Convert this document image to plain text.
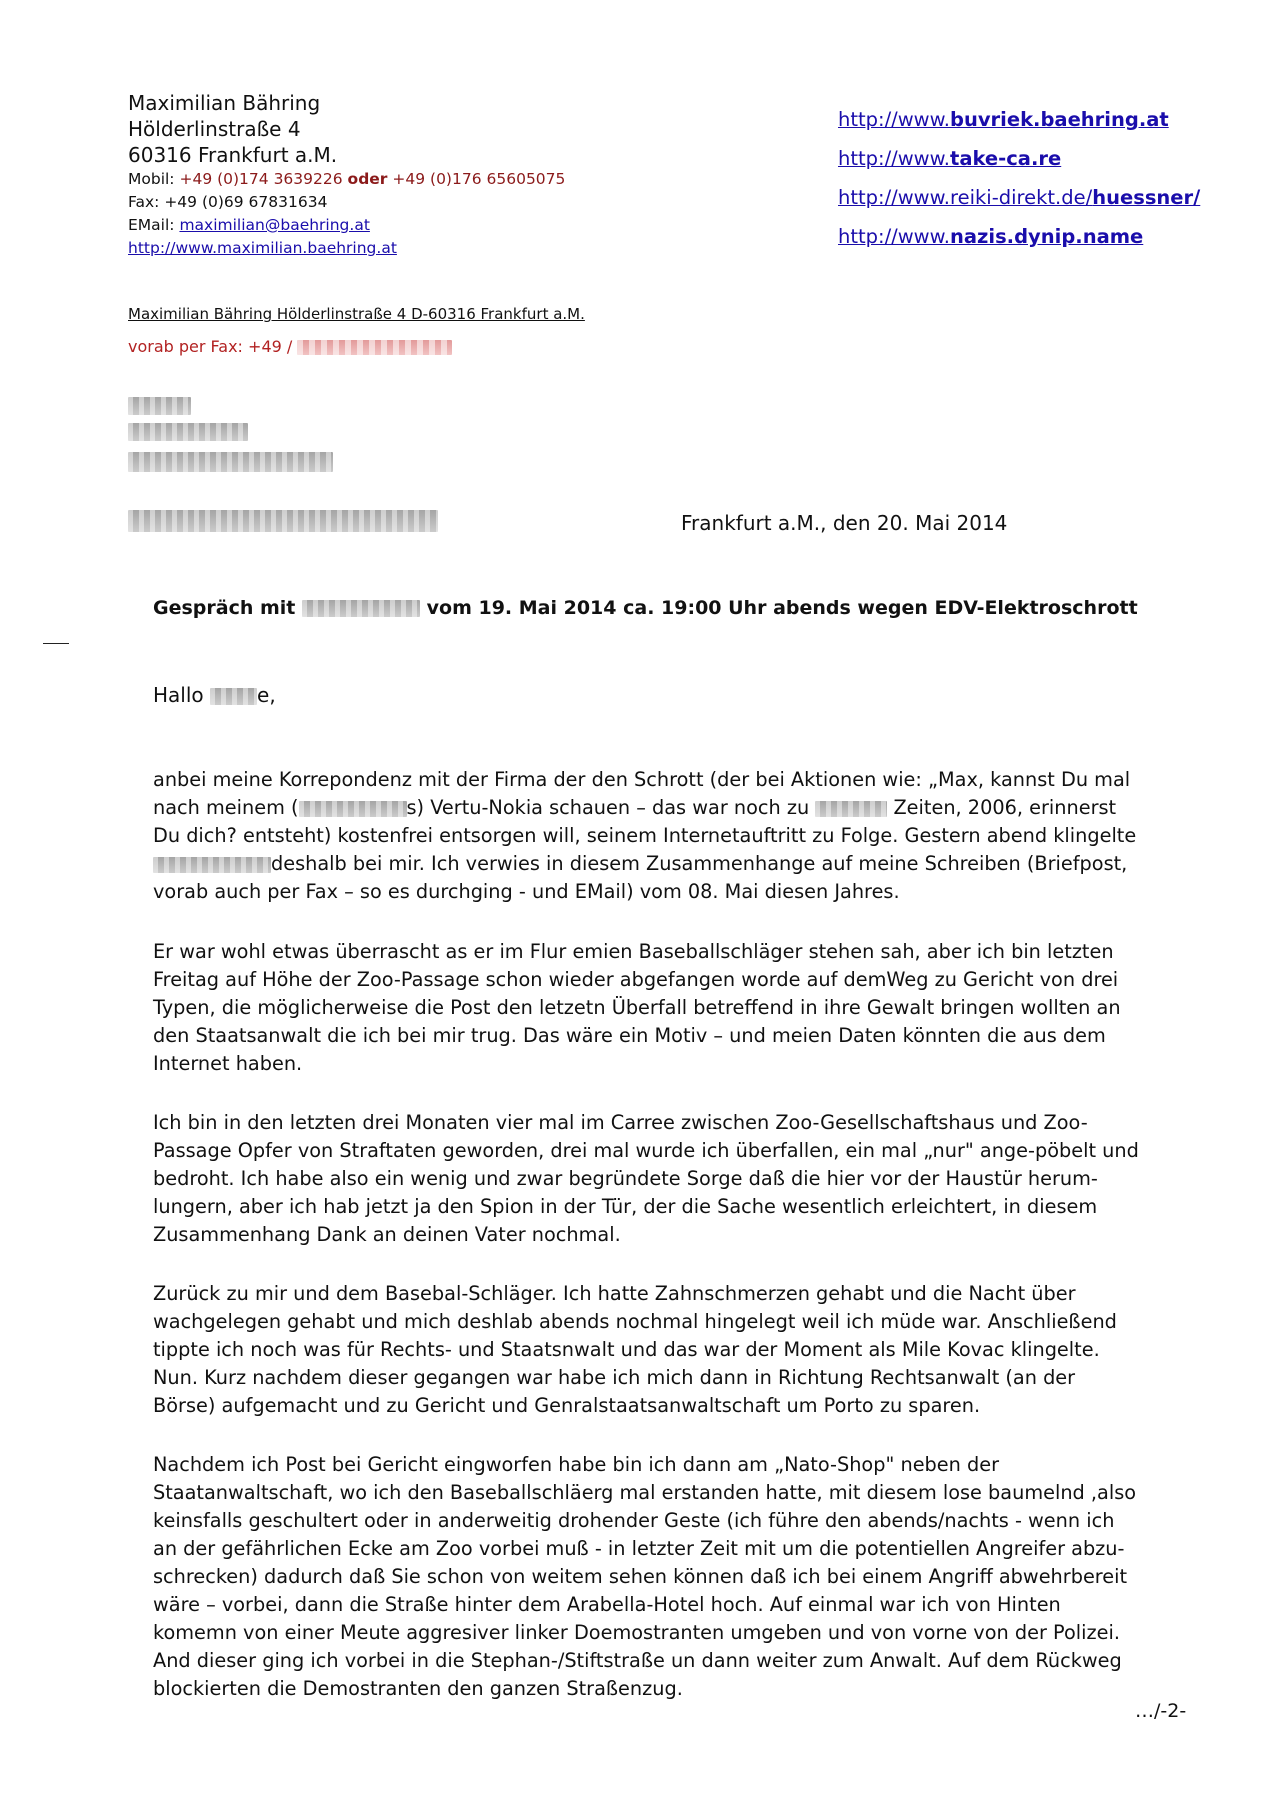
Maximilian Bähring
Hölderlinstraße 4
60316 Frankfurt a.M.
Mobil: +49 (0)174 3639226 oder +49 (0)176 65605075
Fax: +49 (0)69 67831634
EMail: maximilian@baehring.at
http://www.maximilian.baehring.at
http://www.buvriek.baehring.at
http://www.take-ca.re
http://www.reiki-direkt.de/huessner/
http://www.nazis.dynip.name
Maximilian Bähring Hölderlinstraße 4 D-60316 Frankfurt a.M.
vorab per Fax: +49 /
Frankfurt a.M., den 20. Mai 2014
Gespräch mit	vom 19. Mai 2014 ca. 19:00 Uhr abends wegen EDV-Elektroschrott
Hallo	e,
anbei meine Korrepondenz mit der Firma der den Schrott (der bei Aktionen wie: „Max, kannst Du mal
nach meinem (	s) Vertu-Nokia schauen – das war noch zu	Zeiten, 2006, erinnerst
Du dich? entsteht) kostenfrei entsorgen will, seinem Internetauftritt zu Folge. Gestern abend klingelte
deshalb bei mir. Ich verwies in diesem Zusammenhange auf meine Schreiben (Briefpost,
vorab auch per Fax – so es durchging - und EMail) vom 08. Mai diesen Jahres.
Er war wohl etwas überrascht as er im Flur emien Baseballschläger stehen sah, aber ich bin letzten
Freitag auf Höhe der Zoo-Passage schon wieder abgefangen worde auf demWeg zu Gericht von drei
Typen, die möglicherweise die Post den letzetn Überfall betreffend in ihre Gewalt bringen wollten an
den Staatsanwalt die ich bei mir trug. Das wäre ein Motiv – und meien Daten könnten die aus dem
Internet haben.
Ich bin in den letzten drei Monaten vier mal im Carree zwischen Zoo-Gesellschaftshaus und Zoo-
Passage Opfer von Straftaten geworden, drei mal wurde ich überfallen, ein mal „nur" ange-pöbelt und
bedroht. Ich habe also ein wenig und zwar begründete Sorge daß die hier vor der Haustür herum-
lungern, aber ich hab jetzt ja den Spion in der Tür, der die Sache wesentlich erleichtert, in diesem
Zusammenhang Dank an deinen Vater nochmal.
Zurück zu mir und dem Basebal-Schläger. Ich hatte Zahnschmerzen gehabt und die Nacht über
wachgelegen gehabt und mich deshlab abends nochmal hingelegt weil ich müde war. Anschließend
tippte ich noch was für Rechts- und Staatsnwalt und das war der Moment als Mile Kovac klingelte.
Nun. Kurz nachdem dieser gegangen war habe ich mich dann in Richtung Rechtsanwalt (an der
Börse) aufgemacht und zu Gericht und Genralstaatsanwaltschaft um Porto zu sparen.
Nachdem ich Post bei Gericht eingworfen habe bin ich dann am „Nato-Shop" neben der
Staatanwaltschaft, wo ich den Baseballschläerg mal erstanden hatte, mit diesem lose baumelnd ,also
keinsfalls geschultert oder in anderweitig drohender Geste (ich führe den abends/nachts - wenn ich
an der gefährlichen Ecke am Zoo vorbei muß - in letzter Zeit mit um die potentiellen Angreifer abzu-
schrecken) dadurch daß Sie schon von weitem sehen können daß ich bei einem Angriff abwehrbereit
wäre – vorbei, dann die Straße hinter dem Arabella-Hotel hoch. Auf einmal war ich von Hinten
komemn von einer Meute aggresiver linker Doemostranten umgeben und von vorne von der Polizei.
And dieser ging ich vorbei in die Stephan-/Stiftstraße un dann weiter zum Anwalt. Auf dem Rückweg
blockierten die Demostranten den ganzen Straßenzug.
…/-2-
